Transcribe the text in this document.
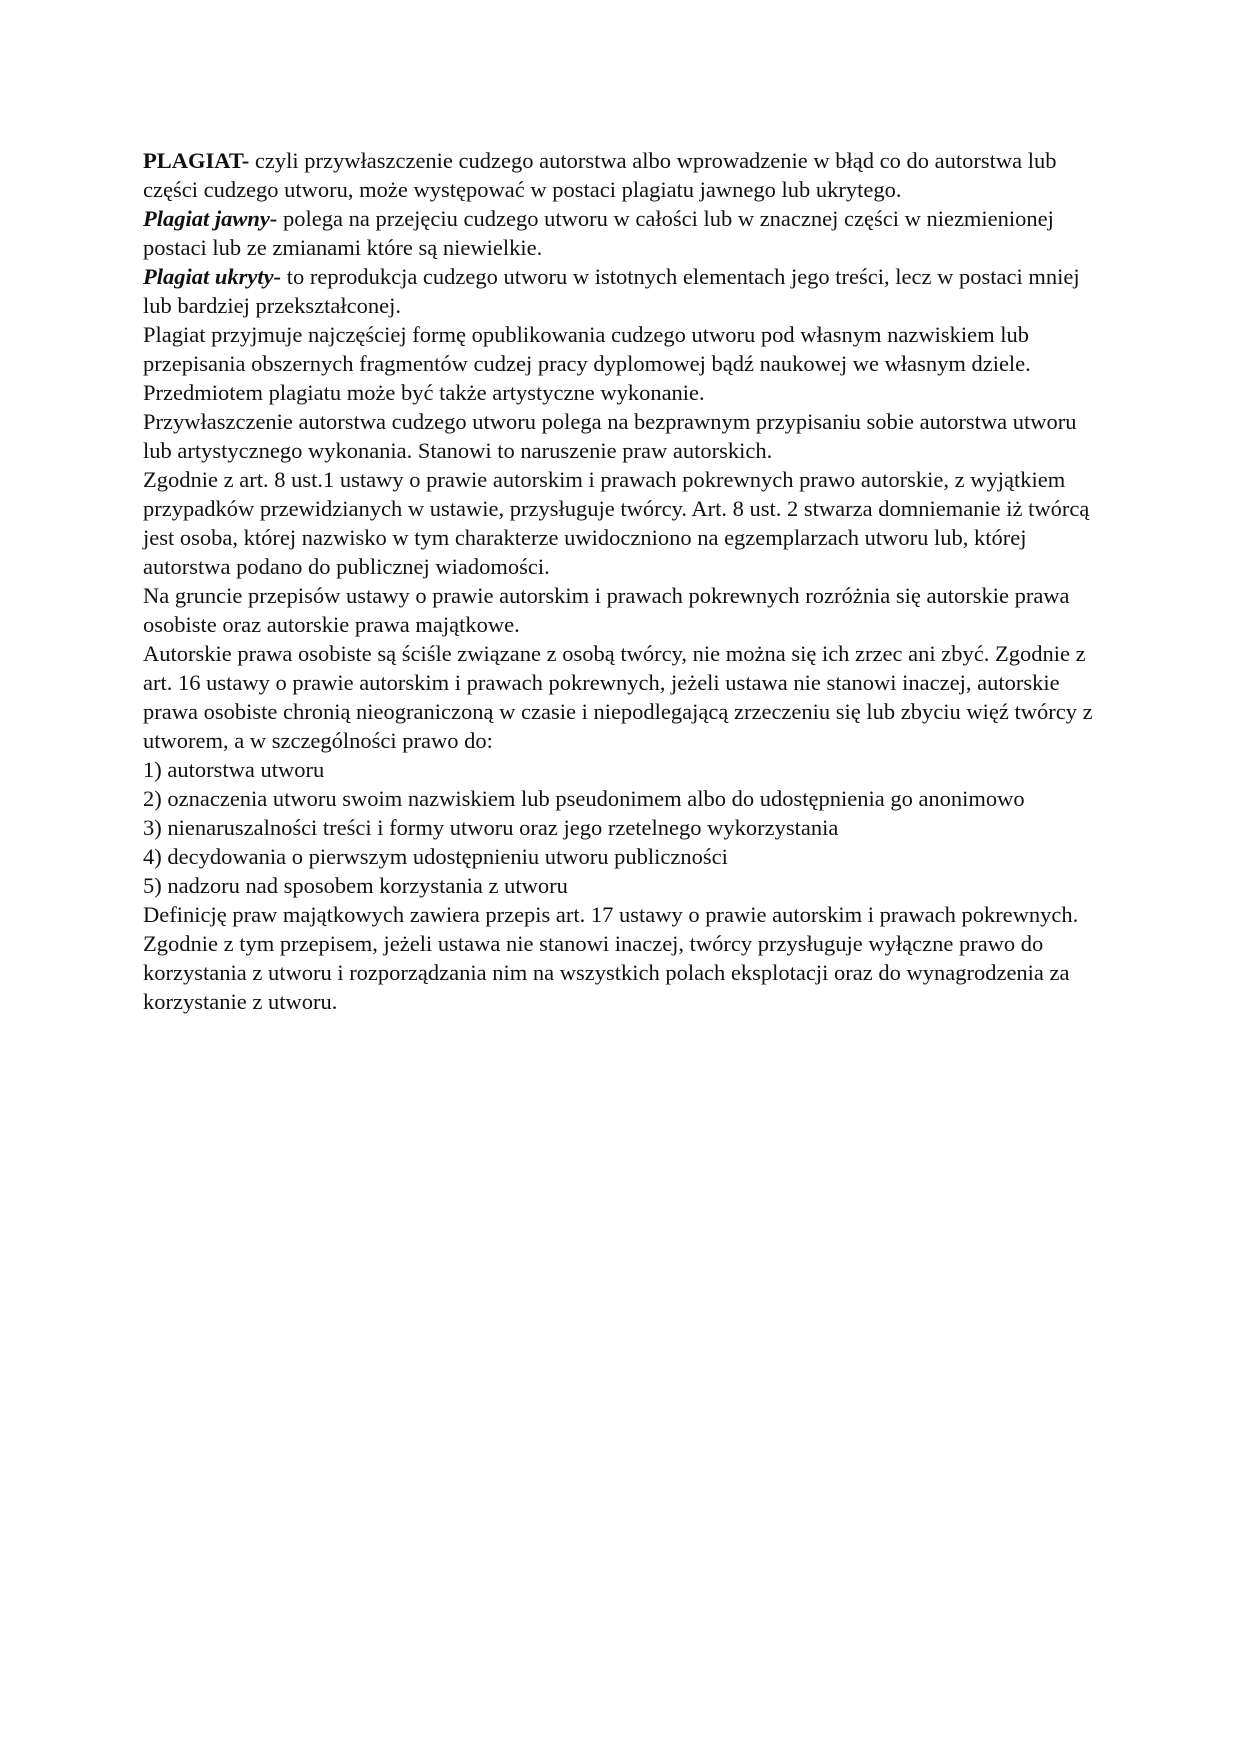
PLAGIAT- czyli przywłaszczenie cudzego autorstwa albo wprowadzenie w błąd co do autorstwa lub części cudzego utworu, może występować w postaci plagiatu jawnego lub ukrytego.

Plagiat jawny- polega na przejęciu cudzego utworu w całości lub w znacznej części w niezmienionej postaci lub ze zmianami które są niewielkie.

Plagiat ukryty- to reprodukcja cudzego utworu w istotnych elementach jego treści, lecz w postaci mniej lub bardziej przekształconej.

Plagiat przyjmuje najczęściej formę opublikowania cudzego utworu pod własnym nazwiskiem lub przepisania obszernych fragmentów cudzej pracy dyplomowej bądź naukowej we własnym dziele. Przedmiotem plagiatu może być także artystyczne wykonanie.

Przywłaszczenie autorstwa cudzego utworu polega na bezprawnym przypisaniu sobie autorstwa utworu lub artystycznego wykonania. Stanowi to naruszenie praw autorskich.

Zgodnie z art. 8 ust.1 ustawy o prawie autorskim i prawach pokrewnych prawo autorskie, z wyjątkiem przypadków przewidzianych w ustawie, przysługuje twórcy. Art. 8 ust. 2 stwarza domniemanie iż twórcą jest osoba, której nazwisko w tym charakterze uwidoczniono na egzemplarzach utworu lub, której autorstwa podano do publicznej wiadomości.

Na gruncie przepisów ustawy o prawie autorskim i prawach pokrewnych rozróżnia się autorskie prawa osobiste oraz autorskie prawa majątkowe.

Autorskie prawa osobiste są ściśle związane z osobą twórcy, nie można się ich zrzec ani zbyć. Zgodnie z art. 16 ustawy o prawie autorskim i prawach pokrewnych, jeżeli ustawa nie stanowi inaczej, autorskie prawa osobiste chronią nieograniczoną w czasie i niepodlegającą zrzeczeniu się lub zbyciu więź twórcy z utworem, a w szczególności prawo do:

1) autorstwa utworu

2) oznaczenia utworu swoim nazwiskiem lub pseudonimem albo do udostępnienia go anonimowo

3) nienaruszalności treści i formy utworu oraz jego rzetelnego wykorzystania

4) decydowania o pierwszym udostępnieniu utworu publiczności

5) nadzoru nad sposobem korzystania z utworu

Definicję praw majątkowych zawiera przepis art. 17 ustawy o prawie autorskim i prawach pokrewnych. Zgodnie z tym przepisem, jeżeli ustawa nie stanowi inaczej, twórcy przysługuje wyłączne prawo do korzystania z utworu i rozporządzania nim na wszystkich polach eksplotacji oraz do wynagrodzenia za korzystanie z utworu.
